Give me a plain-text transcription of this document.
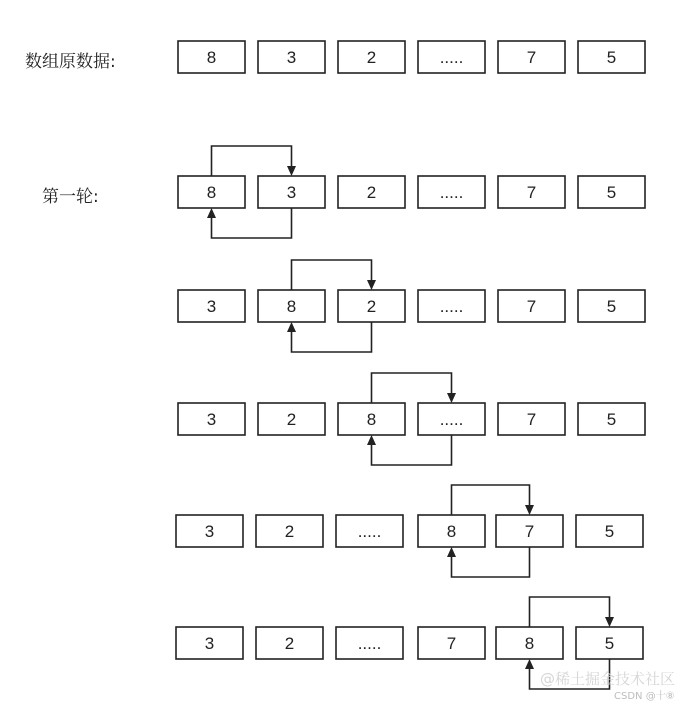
数组原数据:
第一轮:
8	3	2	.....	7	5
8	3	2	.....	7	5
3	8	2	.....	7	5
3	2	8	.....	7	5
3	2	.....	8	7	5
3	2	.....	7	8	5
@稀土掘金技术社区
CSDN @十⑧
